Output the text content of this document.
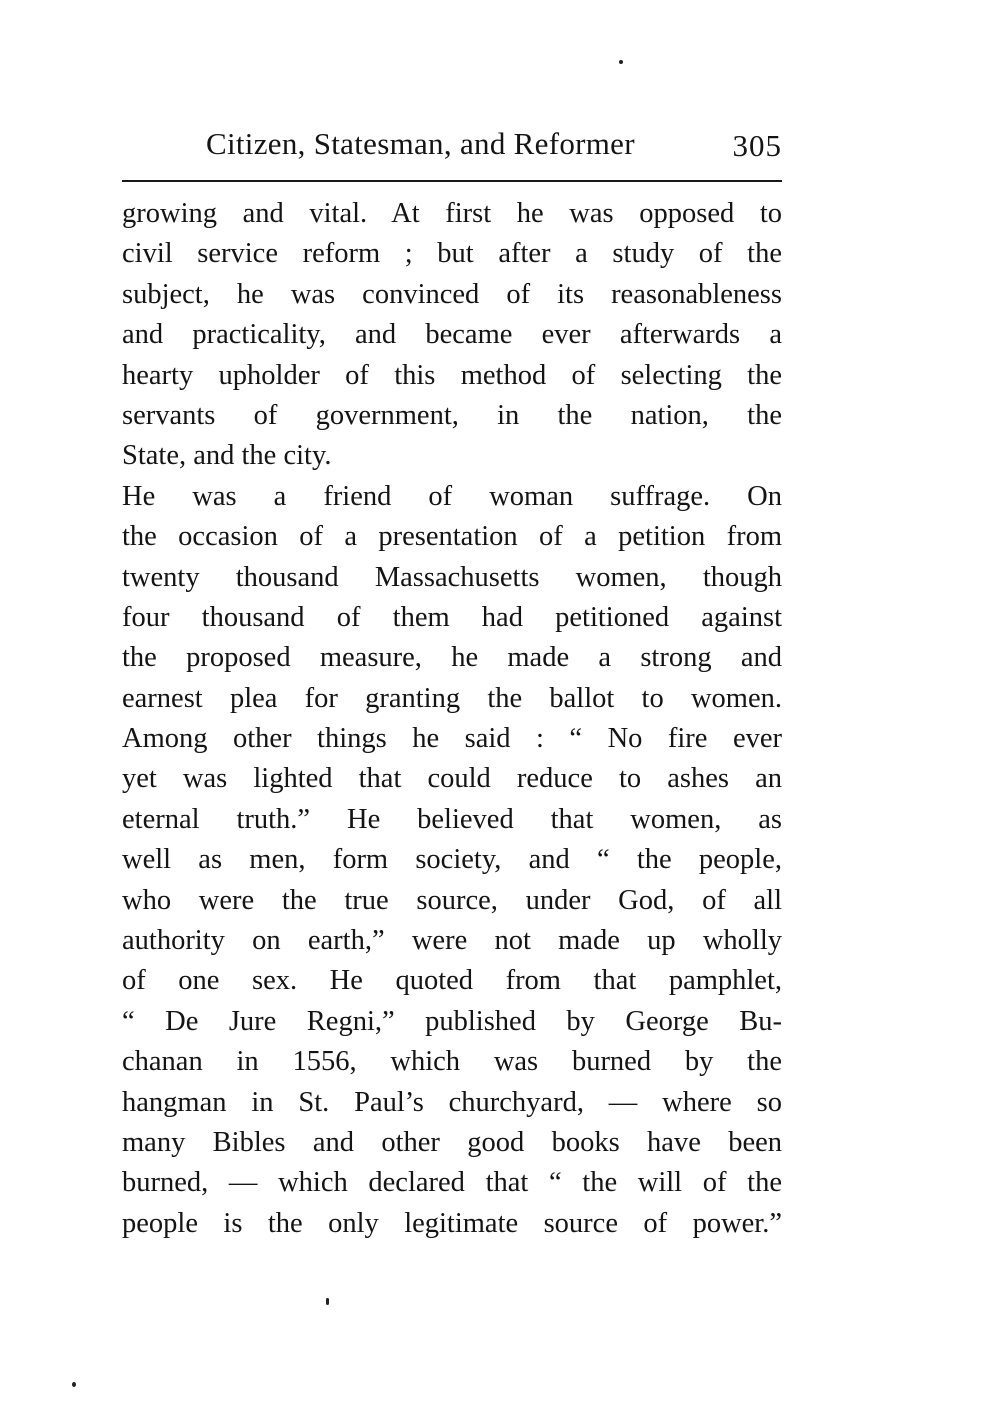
Citizen, Statesman, and Reformer	305
growing and vital. At first he was opposed to
civil service reform ; but after a study of the
subject, he was convinced of its reasonableness
and practicality, and became ever afterwards a
hearty upholder of this method of selecting the
servants of government, in the nation, the
State, and the city.
He was a friend of woman suffrage. On
the occasion of a presentation of a petition from
twenty thousand Massachusetts women, though
four thousand of them had petitioned against
the proposed measure, he made a strong and
earnest plea for granting the ballot to women.
Among other things he said : “ No fire ever
yet was lighted that could reduce to ashes an
eternal truth.” He believed that women, as
well as men, form society, and “ the people,
who were the true source, under God, of all
authority on earth,” were not made up wholly
of one sex. He quoted from that pamphlet,
“ De Jure Regni,” published by George Bu-
chanan in 1556, which was burned by the
hangman in St. Paul’s churchyard, — where so
many Bibles and other good books have been
burned, — which declared that “ the will of the
people is the only legitimate source of power.”
